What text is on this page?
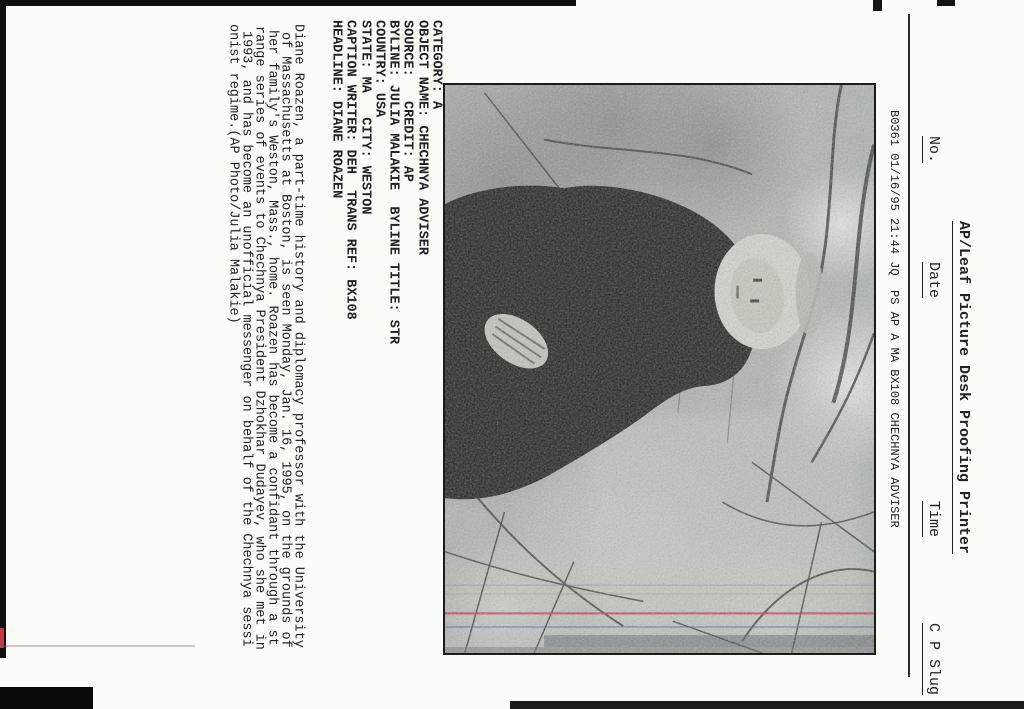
AP/Leaf Picture Desk Proofing Printer

No.DateTimeC P Slug

B0361 01/16/95 21:44 JQ  PS AP A MA BX108 CHECHNYA ADVISER
CATEGORY: A
OBJECT NAME: CHECHNYA ADVISER
SOURCE:   CREDIT: AP
BYLINE: JULIA MALAKIE  BYLINE TITLE: STR
COUNTRY: USA
STATE: MA   CITY: WESTON
CAPTION WRITER: DEH  TRANS REF: BX108
HEADLINE: DIANE ROAZEN
Diane Roazen, a part-time history and diplomacy professor with the University
of Massachusetts at Boston, is seen Monday, Jan. 16, 1995, on the grounds of
her family's Weston, Mass., home. Roazen has become a confidant through a st
range series of events to Chechnya President Dzhokhar Dudayev, who she met in
1993, and has become an unofficial messenger on behalf of the Chechnya sessi
onist regime.(AP Photo/Julia Malakie)
